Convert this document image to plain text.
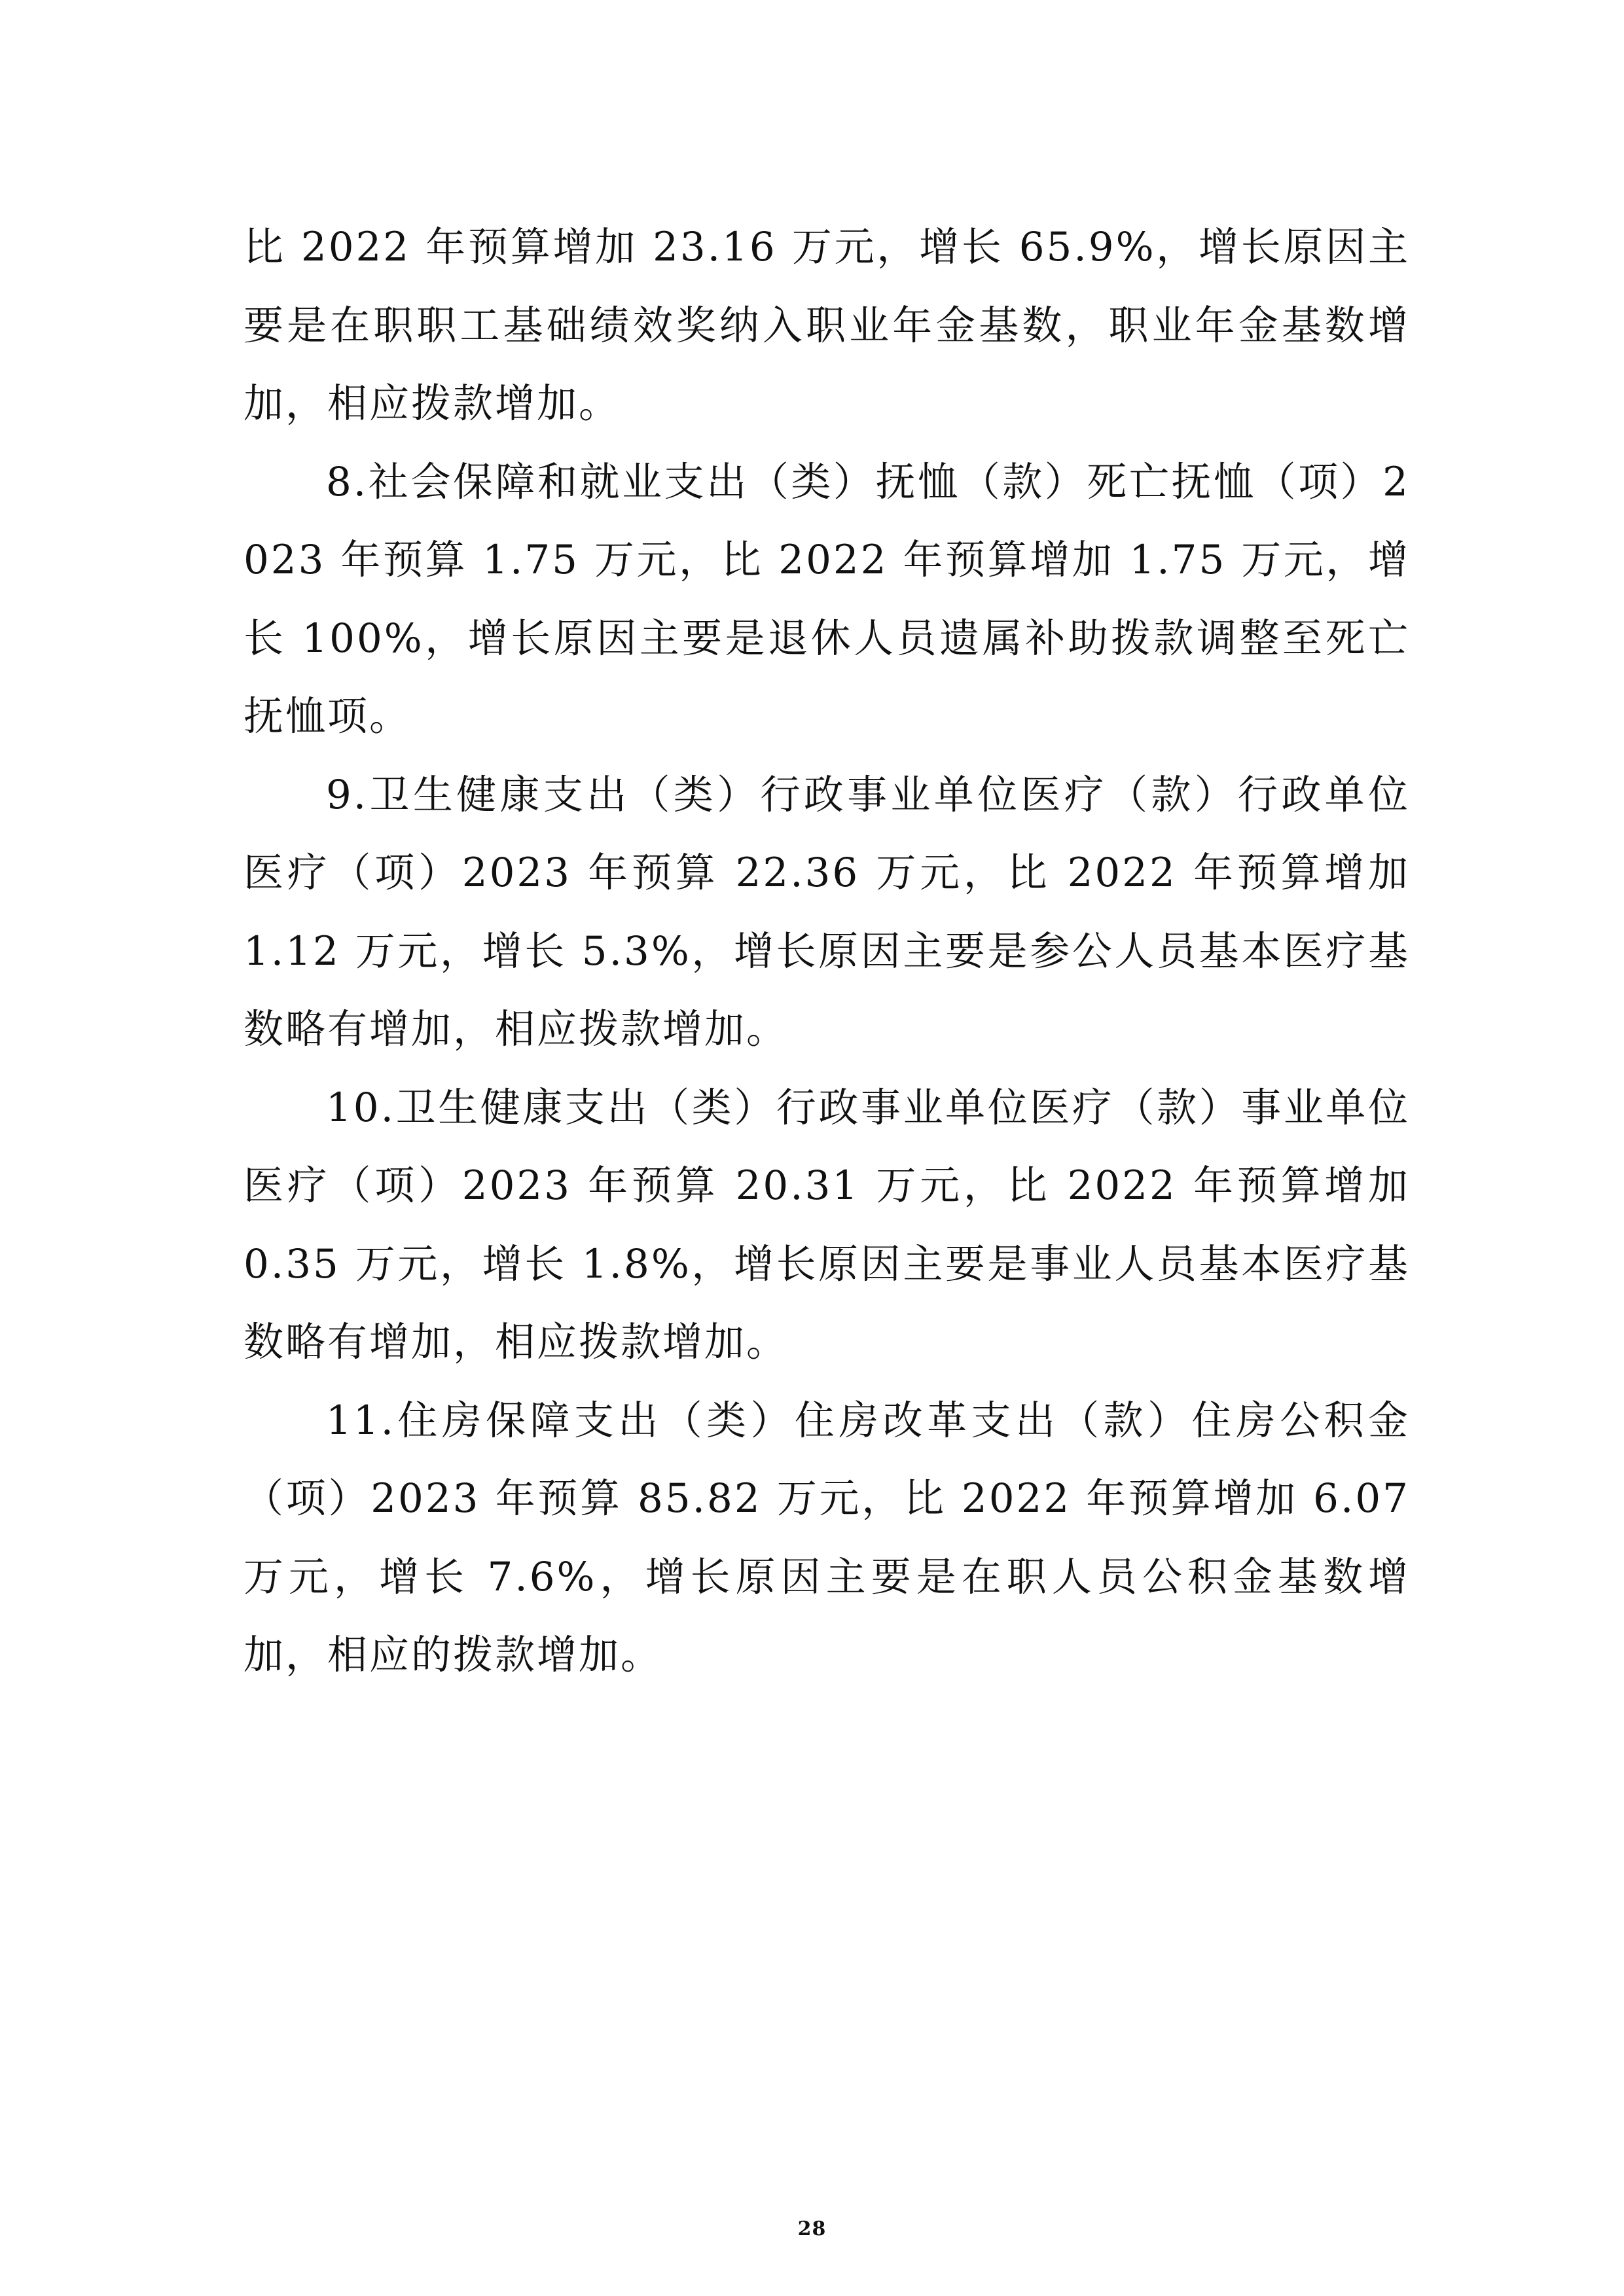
比 2022 年预算增加 23.16 万元，增长 65.9%，增长原因主要是在职职工基础绩效奖纳入职业年金基数，职业年金基数增加，相应拨款增加。

8.社会保障和就业支出（类）抚恤（款）死亡抚恤（项）2023 年预算 1.75 万元，比 2022 年预算增加 1.75 万元，增长 100%，增长原因主要是退休人员遗属补助拨款调整至死亡抚恤项。

9.卫生健康支出（类）行政事业单位医疗（款）行政单位医疗（项）2023 年预算 22.36 万元，比 2022 年预算增加 1.12 万元，增长 5.3%，增长原因主要是参公人员基本医疗基数略有增加，相应拨款增加。

10.卫生健康支出（类）行政事业单位医疗（款）事业单位医疗（项）2023 年预算 20.31 万元，比 2022 年预算增加 0.35 万元，增长 1.8%，增长原因主要是事业人员基本医疗基数略有增加，相应拨款增加。

11.住房保障支出（类）住房改革支出（款）住房公积金（项）2023 年预算 85.82 万元，比 2022 年预算增加 6.07 万元，增长 7.6%，增长原因主要是在职人员公积金基数增加，相应的拨款增加。

28
